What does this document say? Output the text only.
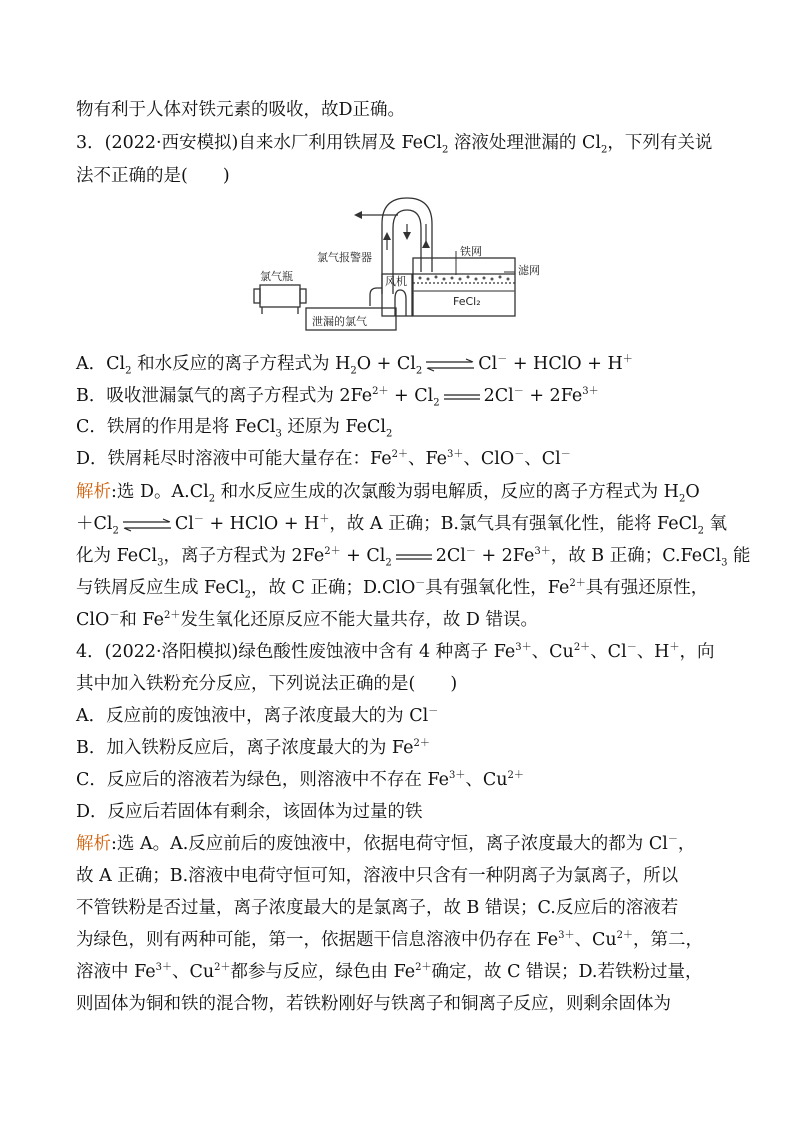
物有利于人体对铁元素的吸收，故D正确。
3．(2022·西安模拟)自来水厂利用铁屑及 FeCl$_2$ 溶液处理泄漏的 $Cl_2$，下列有关说
法不正确的是(　　)
氯气瓶
氯气报警器
风机
泄漏的氯气
铁网
滤网
FeCl₂
A．$Cl_2$ 和水反应的离子方程式为 $H_2O + Cl_2$ ⇌ Cl－ + HClO + H＋
B．吸收泄漏氯气的离子方程式为 $2Fe^{2+} + Cl_2$	$2Cl^- + 2Fe^{3+}$
C．铁屑的作用是将 FeCl$_3$ 还原为 FeCl$_2$
D．铁屑耗尽时溶液中可能大量存在：$Fe^{2+}$、$Fe^{3+}$、ClO－、Cl－
解析:选 D。$A.Cl_2$ 和水反应生成的次氯酸为弱电解质，反应的离子方程式为 $H_2O$
$+Cl_2$ ⇌ Cl－ + HClO + H＋，故 A 正确；B.氯气具有强氧化性，能将 FeCl$_2$ 氧
化为 FeCl$_3$，离子方程式为 $2Fe^{2+} + Cl_2$	$2Cl^- + 2Fe^{3+}$，故 B 正确；C.FeCl$_3$ 能
与铁屑反应生成 FeCl$_2$，故 C 正确；D.ClO－具有强氧化性，$Fe^{2+}$具有强还原性，
ClO－和 $Fe^{2+}$发生氧化还原反应不能大量共存，故 D 错误。
4．(2022·洛阳模拟)绿色酸性废蚀液中含有 4 种离子 $Fe^{3+}$、$Cu^{2+}$、Cl－、H＋，向
其中加入铁粉充分反应，下列说法正确的是(　　)
A．反应前的废蚀液中，离子浓度最大的为 Cl－
B．加入铁粉反应后，离子浓度最大的为 $Fe^{2+}$
C．反应后的溶液若为绿色，则溶液中不存在 $Fe^{3+}$、$Cu^{2+}$
D．反应后若固体有剩余，该固体为过量的铁
解析:选 A。A.反应前后的废蚀液中，依据电荷守恒，离子浓度最大的都为 Cl－，
故 A 正确；B.溶液中电荷守恒可知，溶液中只含有一种阴离子为氯离子，所以
不管铁粉是否过量，离子浓度最大的是氯离子，故 B 错误；C.反应后的溶液若
为绿色，则有两种可能，第一，依据题干信息溶液中仍存在 $Fe^{3+}$、$Cu^{2+}$，第二，
溶液中 $Fe^{3+}$、$Cu^{2+}$都参与反应，绿色由 $Fe^{2+}$确定，故 C 错误；D.若铁粉过量，
则固体为铜和铁的混合物，若铁粉刚好与铁离子和铜离子反应，则剩余固体为
